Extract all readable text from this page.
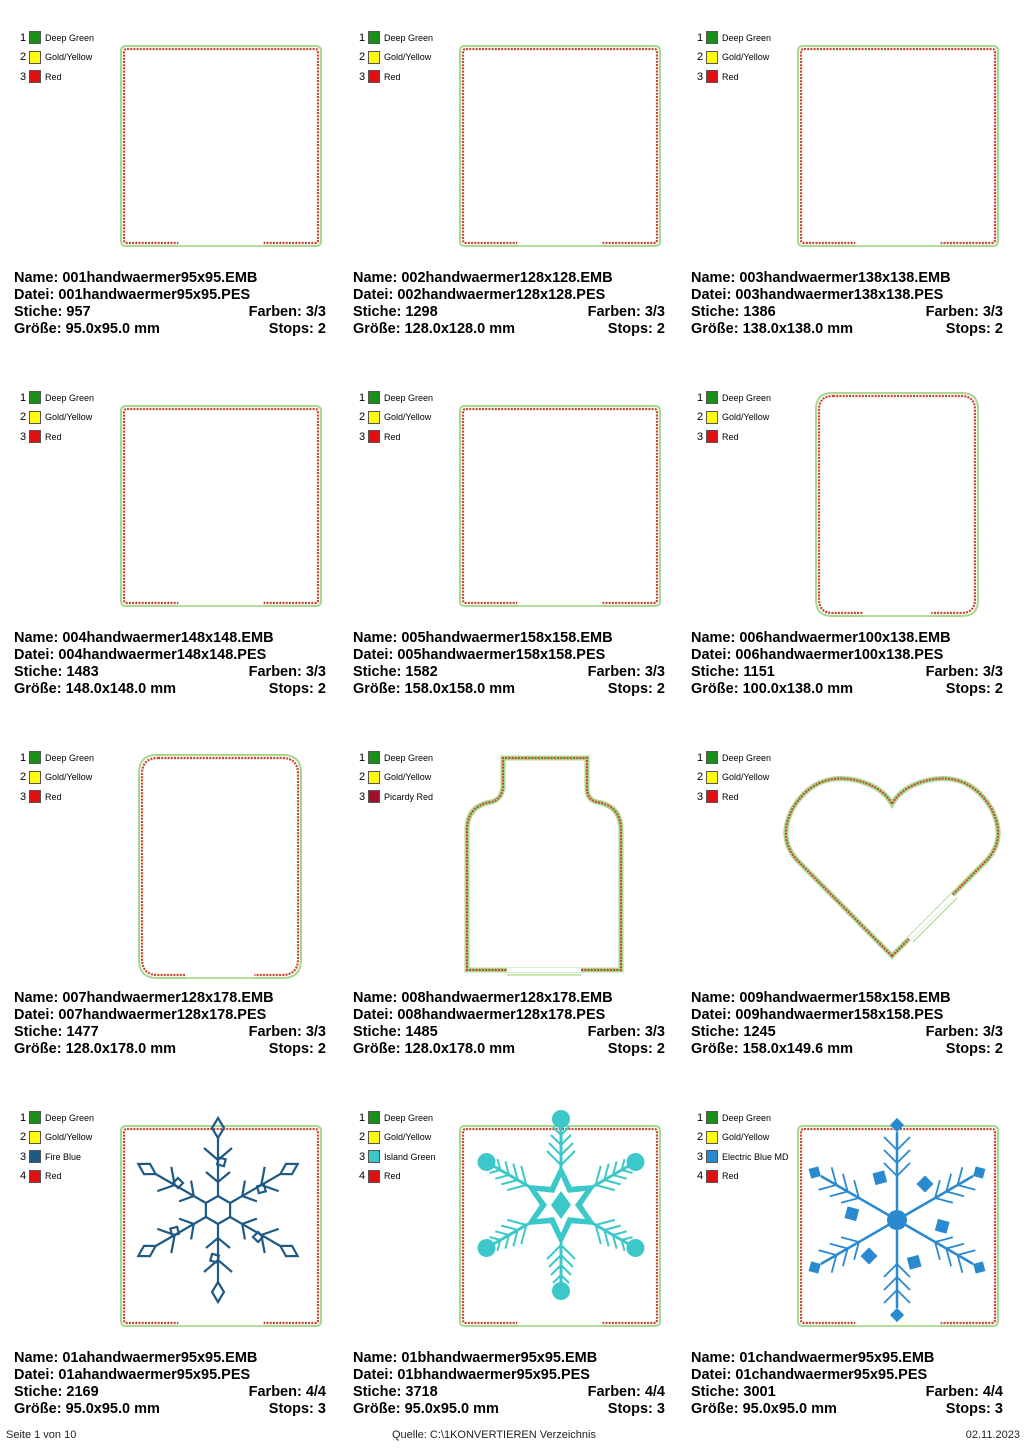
1	Deep Green
2	Gold/Yellow
3	Red
Name: 001handwaermer95x95.EMB
Datei: 001handwaermer95x95.PES
Stiche: 957	Farben: 3/3
Größe: 95.0x95.0 mm	Stops: 2
1	Deep Green
2	Gold/Yellow
3	Red
Name: 002handwaermer128x128.EMB
Datei: 002handwaermer128x128.PES
Stiche: 1298	Farben: 3/3
Größe: 128.0x128.0 mm	Stops: 2
1	Deep Green
2	Gold/Yellow
3	Red
Name: 003handwaermer138x138.EMB
Datei: 003handwaermer138x138.PES
Stiche: 1386	Farben: 3/3
Größe: 138.0x138.0 mm	Stops: 2
1	Deep Green
2	Gold/Yellow
3	Red
Name: 004handwaermer148x148.EMB
Datei: 004handwaermer148x148.PES
Stiche: 1483	Farben: 3/3
Größe: 148.0x148.0 mm	Stops: 2
1	Deep Green
2	Gold/Yellow
3	Red
Name: 005handwaermer158x158.EMB
Datei: 005handwaermer158x158.PES
Stiche: 1582	Farben: 3/3
Größe: 158.0x158.0 mm	Stops: 2
1	Deep Green
2	Gold/Yellow
3	Red
Name: 006handwaermer100x138.EMB
Datei: 006handwaermer100x138.PES
Stiche: 1151	Farben: 3/3
Größe: 100.0x138.0 mm	Stops: 2
1	Deep Green
2	Gold/Yellow
3	Red
Name: 007handwaermer128x178.EMB
Datei: 007handwaermer128x178.PES
Stiche: 1477	Farben: 3/3
Größe: 128.0x178.0 mm	Stops: 2
1	Deep Green
2	Gold/Yellow
3	Picardy Red
Name: 008handwaermer128x178.EMB
Datei: 008handwaermer128x178.PES
Stiche: 1485	Farben: 3/3
Größe: 128.0x178.0 mm	Stops: 2
1	Deep Green
2	Gold/Yellow
3	Red
Name: 009handwaermer158x158.EMB
Datei: 009handwaermer158x158.PES
Stiche: 1245	Farben: 3/3
Größe: 158.0x149.6 mm	Stops: 2
1	Deep Green
2	Gold/Yellow
3	Fire Blue
4	Red
Name: 01ahandwaermer95x95.EMB
Datei: 01ahandwaermer95x95.PES
Stiche: 2169	Farben: 4/4
Größe: 95.0x95.0 mm	Stops: 3
1	Deep Green
2	Gold/Yellow
3	Island Green
4	Red
Name: 01bhandwaermer95x95.EMB
Datei: 01bhandwaermer95x95.PES
Stiche: 3718	Farben: 4/4
Größe: 95.0x95.0 mm	Stops: 3
1	Deep Green
2	Gold/Yellow
3	Electric Blue MD
4	Red
Name: 01chandwaermer95x95.EMB
Datei: 01chandwaermer95x95.PES
Stiche: 3001	Farben: 4/4
Größe: 95.0x95.0 mm	Stops: 3
Seite 1 von 10	Quelle: C:\1KONVERTIEREN Verzeichnis	02.11.2023
